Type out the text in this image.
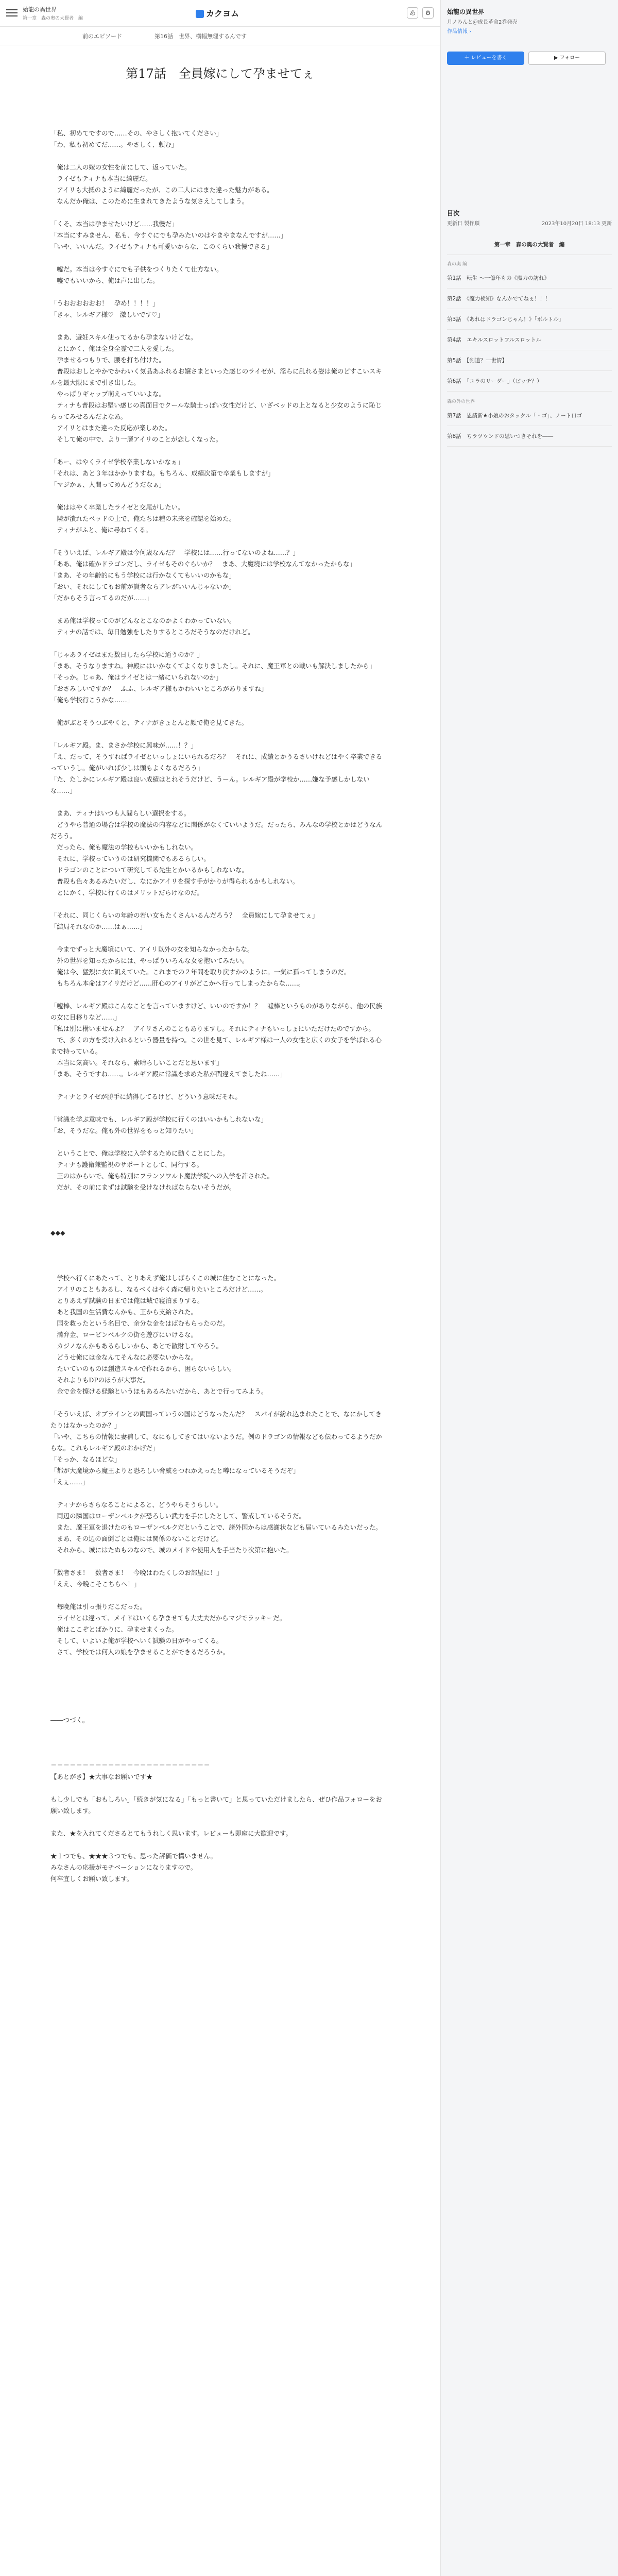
始龍の異世界
第一章　森の奥の大賢者　編	カクヨム	あ	⚙
前のエピソード	第16話　世界、横幅無理するんです
第17話　全員嫁にして孕ませてぇ

「私、初めてですので……その、やさしく抱いてください」

「わ、私も初めてだ……。やさしく、頼む」

　俺は二人の嫁の女性を前にして、返っていた。

　ライゼもティナも本当に綺麗だ。

　アイリも大抵のように綺麗だったが、この二人にはまた違った魅力がある。

　なんだか俺は、このために生まれてきたような気さえしてしまう。

「くそ、本当は孕ませたいけど……我慢だ」

「本当にすみません、私も、今すぐにでも孕みたいのはやまやまなんですが……」

「いや、いいんだ。ライゼもティナも可愛いからな、このくらい我慢できる」

　嘘だ。本当は今すぐにでも子供をつくりたくて仕方ない。

　嘘でもいいから、俺は声に出した。

「うおおおおおお！　孕め！！！！」

「きゃ、レルギア様♡　激しいです♡」

　まあ、避妊スキル使ってるから孕まないけどな。

　とにかく、俺は全身全霊で二人を愛した。

　孕ませるつもりで、腰を打ち付けた。

　普段はおしとやかでかわいく気品あふれるお嬢さまといった感じのライゼが、淫らに乱れる姿は俺のどすこいスキルを最大限にまで引き出した。

　やっぱりギャップ萌えっていいよな。

　ティナも普段はお堅い感じの真面目でクールな騎士っぽい女性だけど、いざベッドの上となると少女のように恥じらってみせるんだよなあ。

　アイリとはまた違った反応が楽しめた。

　そして俺の中で、より一層アイリのことが恋しくなった。

「あー、はやくライゼ学校卒業しないかなぁ」

「それは、あと３年はかかりますね。もちろん、成績次第で卒業もしますが」

「マジかぁ、人間ってめんどうだなぁ」

　俺ははやく卒業したライゼと交尾がしたい。

　隣が潰れたベッドの上で、俺たちは種の未来を確認を始めた。

　ティナがふと、俺に尋ねてくる。

「そういえば、レルギア殿は今何歳なんだ？　学校には……行ってないのよね……？」

「ああ、俺は確かドラゴンだし、ライゼもそのぐらいか？　まあ、大魔境には学校なんてなかったからな」

「まあ、その年齢的にもう学校には行かなくてもいいのかもな」

「おい、それにしてもお前が賢者ならアレがいいんじゃないか」

「だからそう言ってるのだが……」

　まあ俺は学校ってのがどんなとこなのかよくわかっていない。

　ティナの話では、毎日勉強をしたりするところだそうなのだけれど。

「じゃあライゼはまた数日したら学校に通うのか？」

「まあ、そうなりますね。神殿にはいかなくてよくなりましたし。それに、魔王軍との戦いも解決しましたから」

「そっか。じゃあ、俺はライゼとは一緒にいられないのか」

「おさみしいですか？　ふふ、レルギア様もかわいいところがありますね」

「俺も学校行こうかな……」

　俺がぶとそうつぶやくと、ティナがきょとんと顔で俺を見てきた。

「レルギア殿。ま、まさか学校に興味が……！？」

「え、だって、そうすればライゼといっしょにいられるだろ？　それに、成績とかうるさいけれどはやく卒業できるっていうし。俺がいれば少しは頭もよくなるだろう」

「た、たしかにレルギア殿は良い成績はとれそうだけど、うーん。レルギア殿が学校か……嫌な予感しかしないな……」

　まあ、ティナはいつも人間らしい選択をする。

　どうやら普通の場合は学校の魔法の内容などに関係がなくていいようだ。だったら、みんなの学校とかはどうなんだろう。

　だったら、俺も魔法の学校もいいかもしれない。

　それに、学校っていうのは研究機関でもあるらしい。

　ドラゴンのことについて研究してる先生とかいるかもしれないな。

　普段も色々あるみたいだし、なにかアイリを探す手がかりが得られるかもしれない。

　とにかく、学校に行くのはメリットだらけなのだ。

「それに、同じくらいの年齢の若い女もたくさんいるんだろう？　全員嫁にして孕ませてぇ」

「結局それなのか……はぁ……」

　今までずっと大魔境にいて、アイリ以外の女を知らなかったからな。

　外の世界を知ったからには、やっぱりいろんな女を抱いてみたい。

　俺は今、猛烈に女に飢えていた。これまでの２年間を取り戻すかのように。一気に孤ってしまうのだ。

　もちろん本命はアイリだけど……肝心のアイリがどこかへ行ってしまったからな……。

「嘘棒、レルギア殿はこんなことを言っていますけど、いいのですか！？　嘘棒というものがありながら、他の民族の女に目移りなど……」

「私は別に構いませんよ？　アイリさんのこともありますし。それにティナもいっしょにいただけたのですから。

　で、多くの方を受け入れるという器量を持つ。この世を見て、レルギア様は一人の女性と広くの女子を学ばれる心まで持っている。

　本当に気高い。それなら、素晴らしいことだと思います」

「まあ、そうですね……。レルギア殿に常識を求めた私が間違えてましたね……」

　ティナとライゼが勝手に納得してるけど、どういう意味だそれ。

「常識を学ぶ意味でも、レルギア殿が学校に行くのはいいかもしれないな」

「お、そうだな。俺も外の世界をもっと知りたい」

　ということで、俺は学校に入学するために動くことにした。

　ティナも護衛兼監視のサポートとして、同行する。

　王のはからいで、俺も特別にフランソワルト魔法学院への入学を許された。

　だが、その前にまずは試験を受けなければならないそうだが。

◆◆◆

　学校へ行くにあたって、とりあえず俺はしばらくこの城に住むことになった。

　アイリのこともあるし、なるべくはやく森に帰りたいところだけど……。

　とりあえず試験の日までは俺は城で寝泊まりする。

　あと我国の生活費なんかも、王から支給された。

　国を救ったという名目で、余分な金をはばむもらったのだ。

　満弁金、ロービンベルクの街を遊びにいけるな。

　カジノなんかもあるらしいから、あとで散財してやろう。

　どうせ俺には金なんてそんなに必要ないからな。

　たいていのものは創造スキルで作れるから、困らないらしい。

　それよりもDPのほうが大事だ。

　金で金を擦ける経験というほもあるみたいだから、あとで行ってみよう。

「そういえば、オブラインとの両国っていうの国はどうなったんだ？　スパイが紛れ込まれたことで、なにかしてきたりはなかったのか？」

「いや、こちらの情報に妻補して、なにもしてきてはいないようだ。例のドラゴンの情報なども伝わってるようだからな。これもレルギア殿のおかげだ」

「そっか、なるほどな」

「都が大魔境から魔王よりと恐ろしい脅威をつれかえったと噂になっているそうだぞ」

「えぇ……」

　ティナからさらなることによると、どうやらそうらしい。

　両辺の隣国はローザンベルクが恐ろしい武力を手にしたとして、警戒しているそうだ。

　また、魔王軍を退けたのもローザンベルクだということで、諸外国からは感謝状なども届いているみたいだった。

　まあ、その辺の面倒ごとは俺には関係のないことだけど。

　それから、城にはたぬものなので、城のメイドや使用人を手当たり次第に抱いた。

「数者さま！　数者さま！　今晩はわたくしのお部屋に！」

「ええ、今晩こそこちらへ！」

　毎晩俺は引っ張りだこだった。

　ライゼとは違って、メイドはいくら孕ませても大丈夫だからマジでラッキーだ。

　俺はここぞとばかりに、孕ませまくった。

　そして、いよいよ俺が学校へいく試験の日がやってくる。

　さて、学校では何人の娘を孕ませることができるだろうか。

――つづく。

＝＝＝＝＝＝＝＝＝＝＝＝＝＝＝＝＝＝＝＝＝＝＝＝＝

【あとがき】★大事なお願いです★

もし少しでも「おもしろい」「続きが気になる」「もっと書いて」と思っていただけましたら、ぜひ作品フォローをお願い致します。

また、★を入れてくださるとてもうれしく思います。レビューも即座に大歓迎です。

★１つでも、★★★３つでも、思った評価で構いません。

みなさんの応援がモチベーションになりますので。

何卒宜しくお願い致します。

始龍の異世界
月ノみんと＠成長革命2巻発売
作品情報 ›
＋ レビューを書く	▶ フォロー
目次
更新日 製作順	2023年10月20日 18:13 更新
第一章　森の奥の大賢者　編
森の奥 編
第1話　転生 ～一億年もの《魔力の訪れ》
第2話　《魔力検知》なんかでてねぇ！！！
第3話　《あれはドラゴンじゃん！》「ボルトル」
第4話　エキルスロットフルスロットル
第5話　【剣道？一世情】
第6話　「ユラのリーダー」（ビッチ？）
森の外の世界
第7話　恩請新★小娘のおタックル「・ゴ」、ノート口ゴ
第8話　ちラツウンドの思いつきそれを――
